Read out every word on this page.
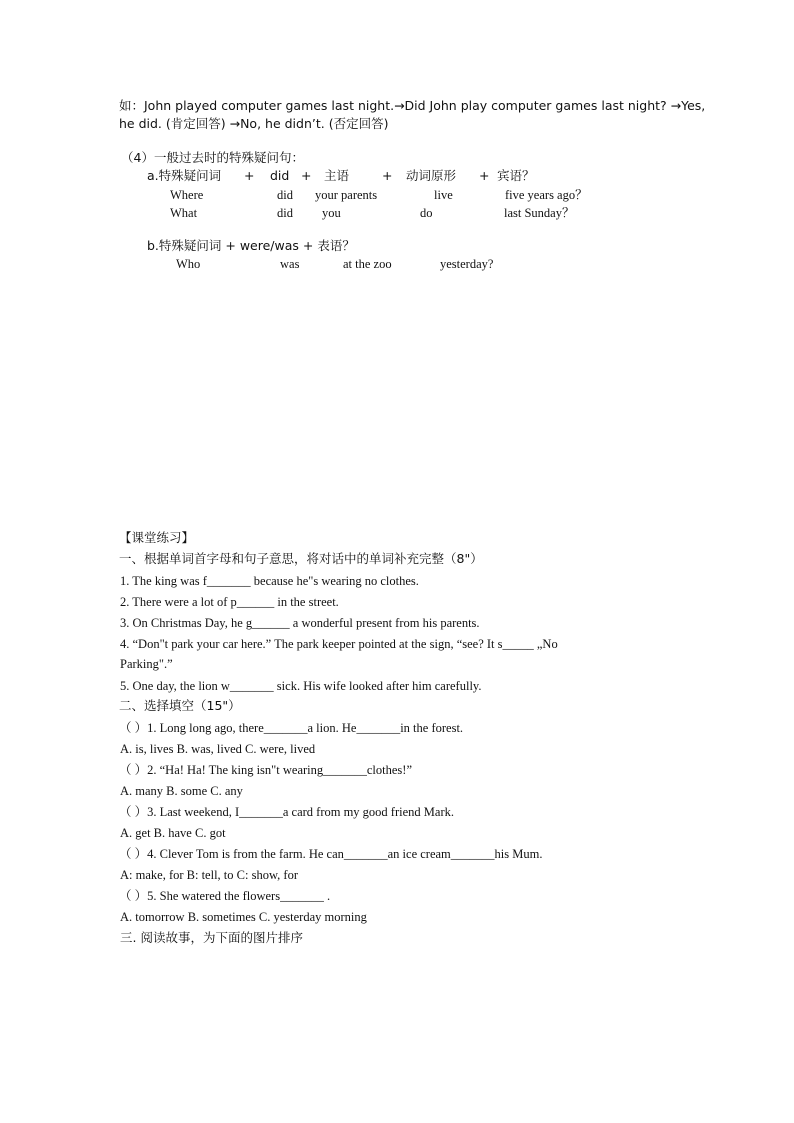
如：John played computer games last night.→Did John play computer games last night? →Yes,
he did. (肯定回答) →No, he didn’t. (否定回答)
（4）一般过去时的特殊疑问句：
a.特殊疑问词 + did + 主语	+ 动词原形 + 宾语？
Where	did your parents	live	five years ago？
What	did you	do	last Sunday？
b.特殊疑问词 + were/was + 表语？
Who	was	at the zoo	yesterday?
【课堂练习】
一、根据单词首字母和句子意思，将对话中的单词补充完整（8"）
1. The king was f_______ because he"s wearing no clothes.
2. There were a lot of p______ in the street.
3. On Christmas Day, he g______ a wonderful present from his parents.
4. “Don"t park your car here.” The park keeper pointed at the sign, “see? It s_____ „No
Parking".”
5. One day, the lion w_______ sick. His wife looked after him carefully.
二、选择填空（15"）
（ ）1. Long long ago, there_______a lion. He_______in the forest.
A. is, lives B. was, lived C. were, lived
（ ）2. “Ha! Ha! The king isn"t wearing_______clothes!”
A. many B. some C. any
（ ）3. Last weekend, I_______a card from my good friend Mark.
A. get B. have C. got
（ ）4. Clever Tom is from the farm. He can_______an ice cream_______his Mum.
A: make, for B: tell, to C: show, for
（ ）5. She watered the flowers_______ .
A. tomorrow B. sometimes C. yesterday morning
三. 阅读故事，为下面的图片排序
